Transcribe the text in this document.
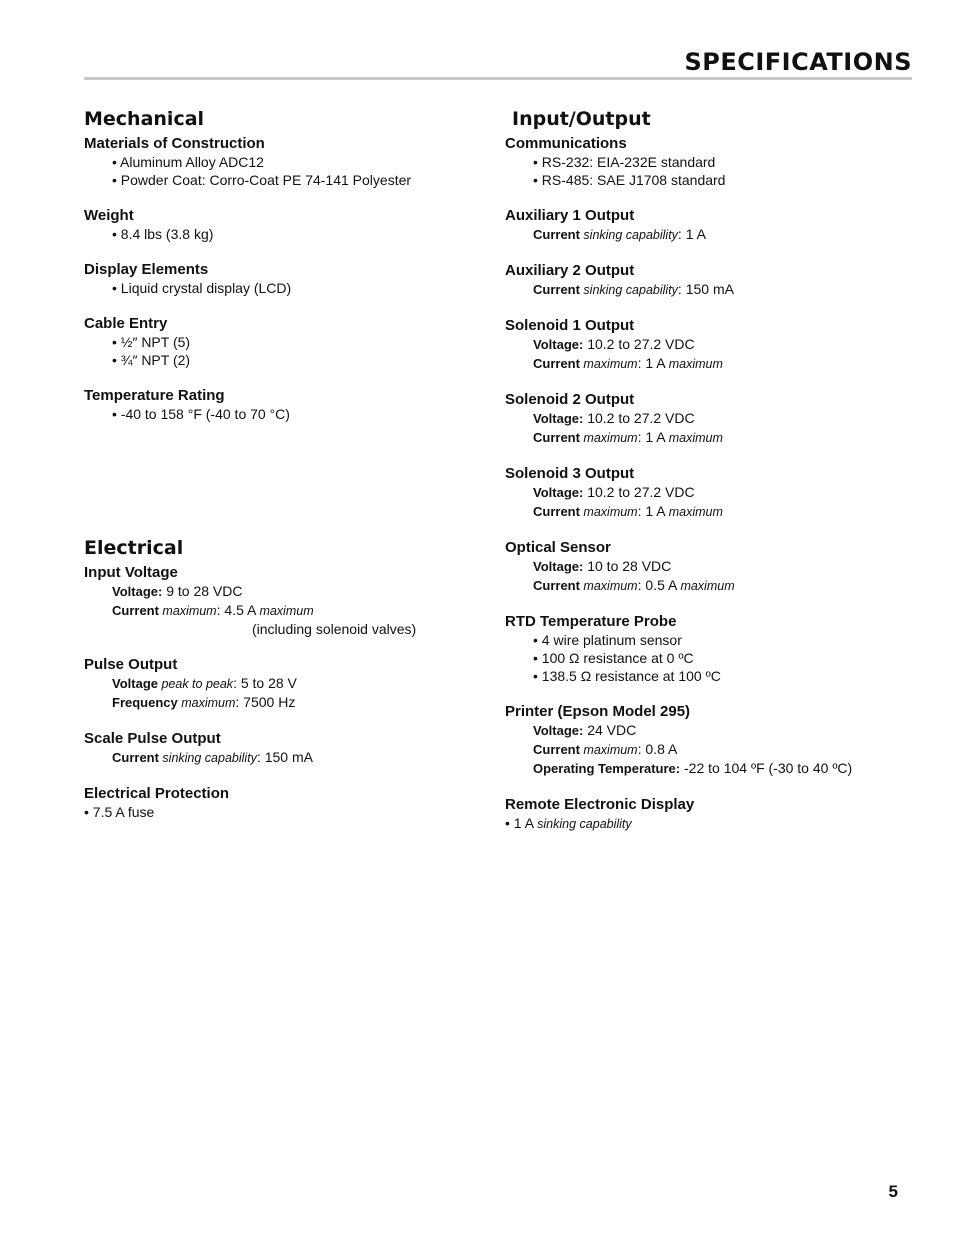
SPECIFICATIONS
Mechanical
Materials of Construction
• Aluminum Alloy ADC12
• Powder Coat: Corro-Coat PE 74-141 Polyester
Weight
• 8.4 lbs (3.8 kg)
Display Elements
• Liquid crystal display (LCD)
Cable Entry
• ½″ NPT (5)
• ¾″ NPT (2)
Temperature Rating
• -40 to 158 °F (-40 to 70 °C)
Electrical
Input Voltage
Voltage: 9 to 28 VDC
Current maximum: 4.5 A maximum
(including solenoid valves)
Pulse Output
Voltage peak to peak: 5 to 28 V
Frequency maximum: 7500 Hz
Scale Pulse Output
Current sinking capability: 150 mA
Electrical Protection
• 7.5 A fuse
Input/Output
Communications
• RS-232: EIA-232E standard
• RS-485: SAE J1708 standard
Auxiliary 1 Output
Current sinking capability: 1 A
Auxiliary 2 Output
Current sinking capability: 150 mA
Solenoid 1 Output
Voltage: 10.2 to 27.2 VDC
Current maximum: 1 A maximum
Solenoid 2 Output
Voltage: 10.2 to 27.2 VDC
Current maximum: 1 A maximum
Solenoid 3 Output
Voltage: 10.2 to 27.2 VDC
Current maximum: 1 A maximum
Optical Sensor
Voltage: 10 to 28 VDC
Current maximum: 0.5 A maximum
RTD Temperature Probe
• 4 wire platinum sensor
• 100 Ω resistance at 0 ºC
• 138.5 Ω resistance at 100 ºC
Printer (Epson Model 295)
Voltage: 24 VDC
Current maximum: 0.8 A
Operating Temperature: -22 to 104 ºF (-30 to 40 ºC)
Remote Electronic Display
• 1 A sinking capability
5
